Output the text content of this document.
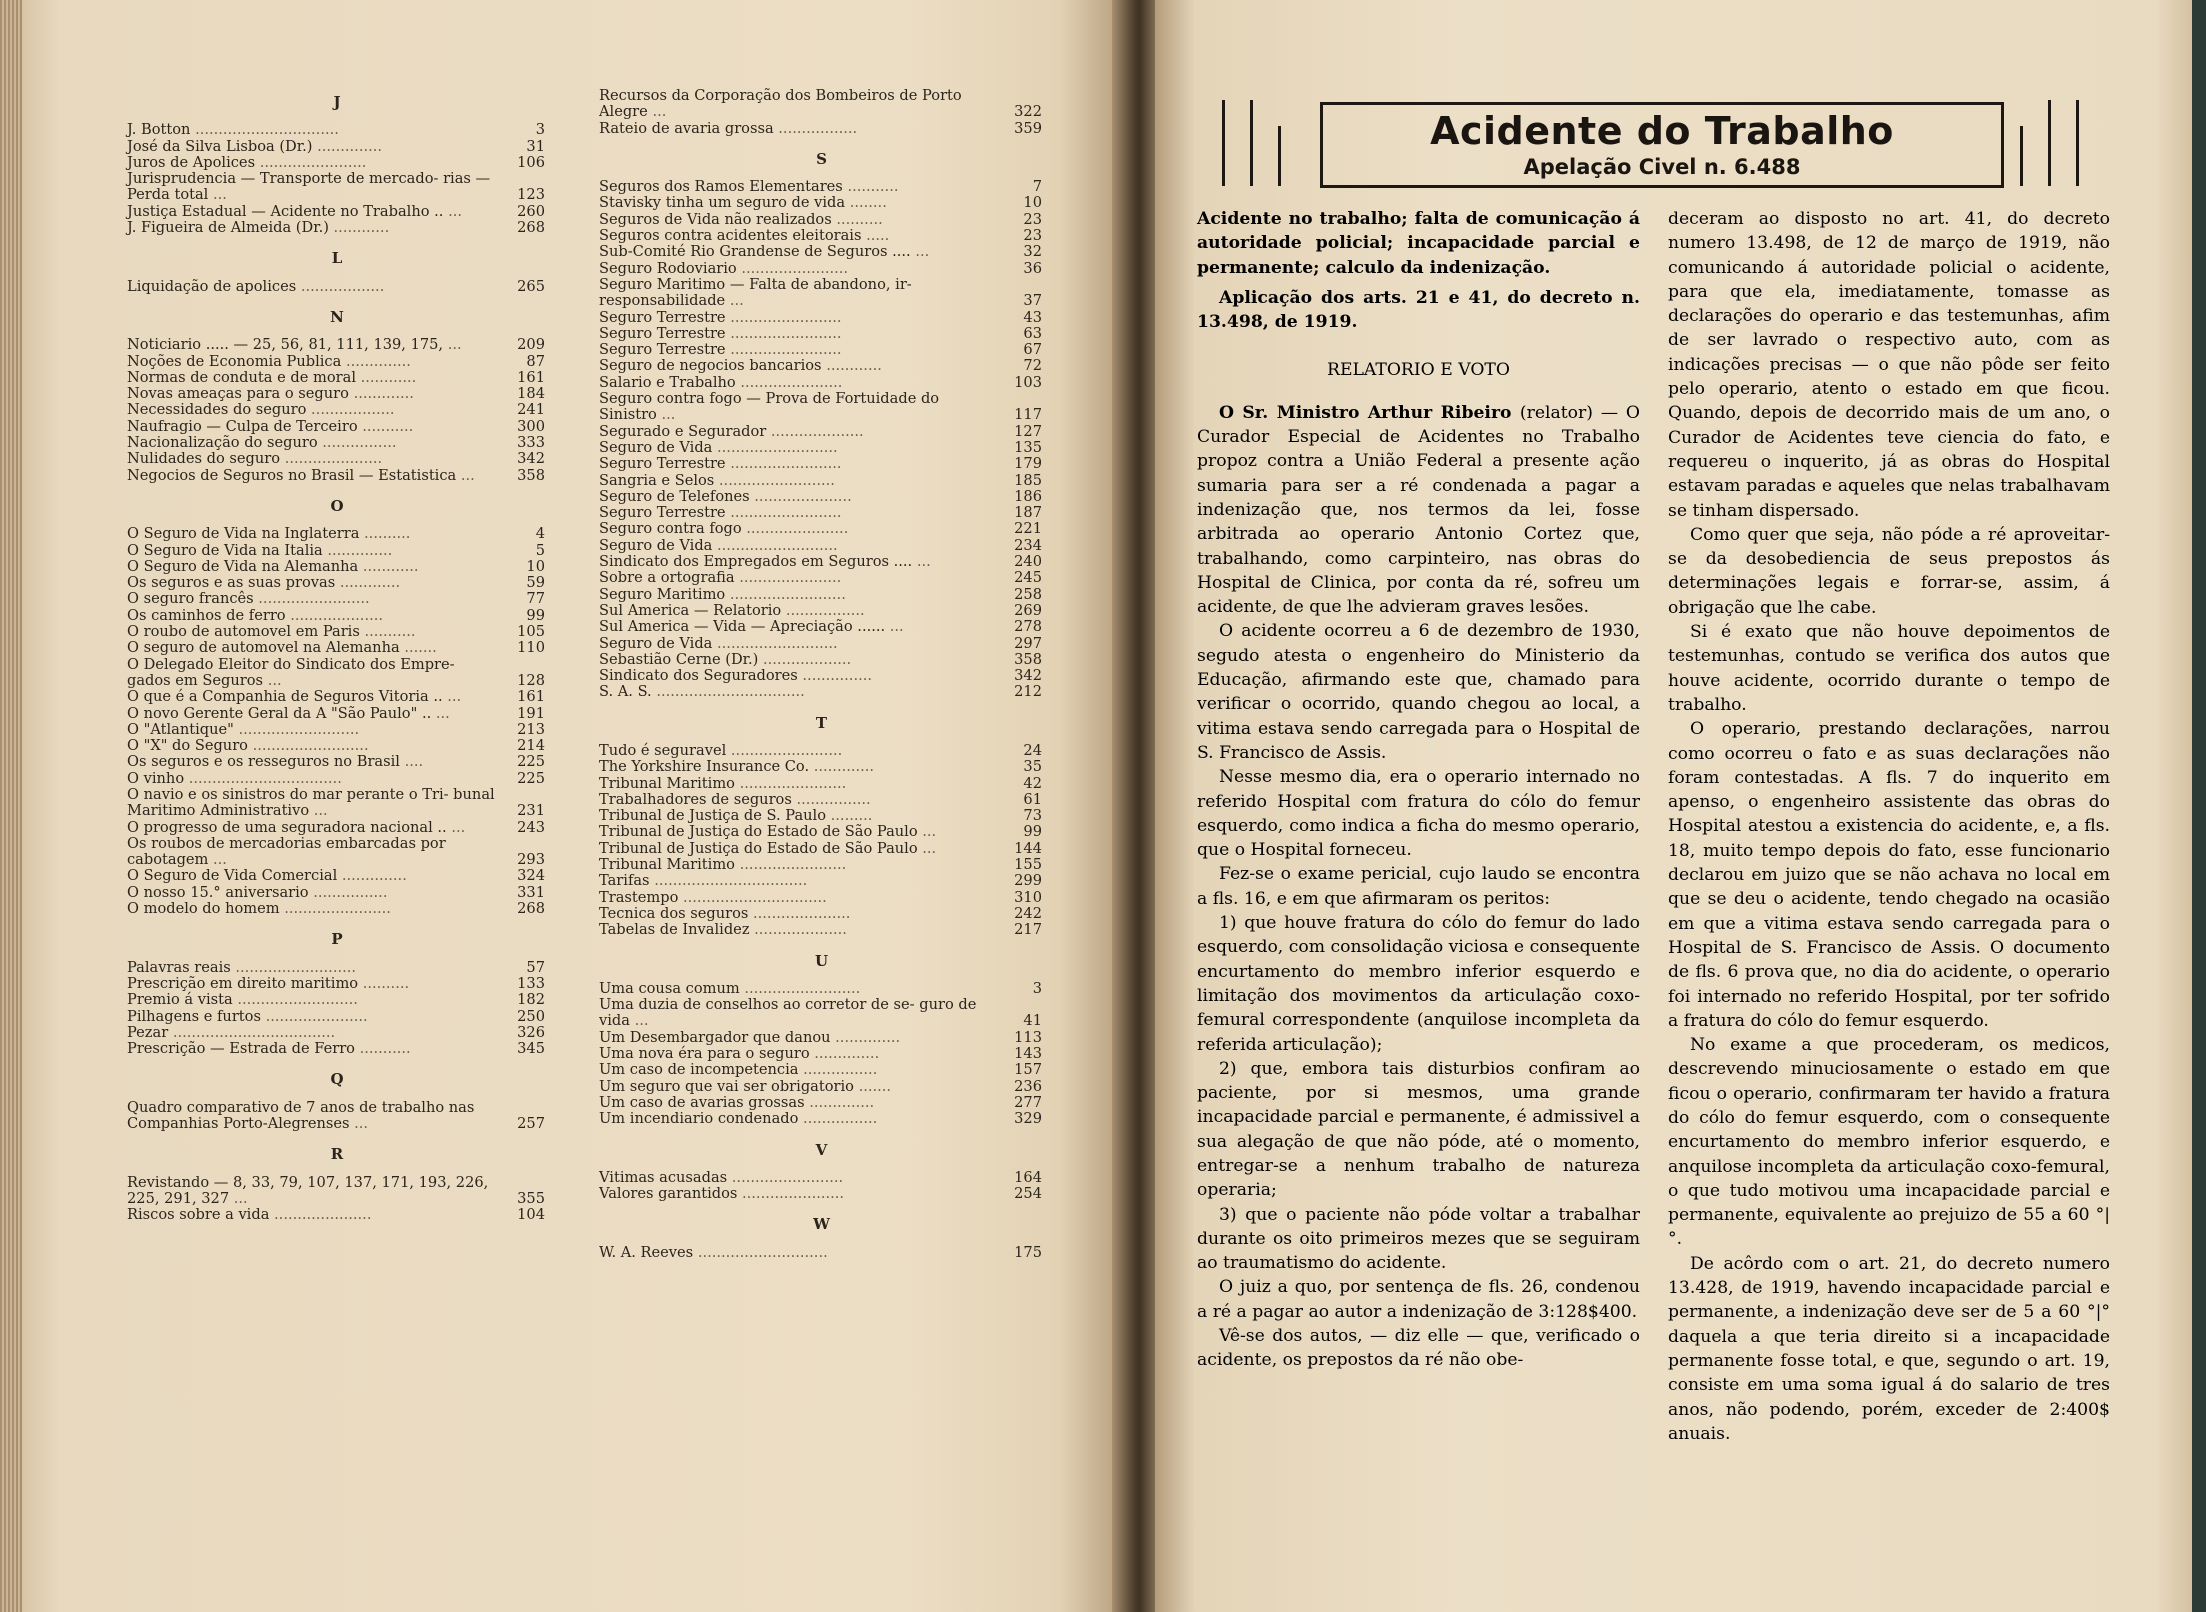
J
J. Botton ...............................	3
José da Silva Lisboa (Dr.) ..............	31
Juros de Apolices .......................	106
Jurisprudencia — Transporte de mercado- rias — Perda total ...	123
Justiça Estadual — Acidente no Trabalho .. ...	260
J. Figueira de Almeida (Dr.) ............	268
L
Liquidação de apolices ..................	265
N
Noticiario ..... — 25, 56, 81, 111, 139, 175, ...	209
Noções de Economia Publica ..............	87
Normas de conduta e de moral ............	161
Novas ameaças para o seguro .............	184
Necessidades do seguro ..................	241
Naufragio — Culpa de Terceiro ...........	300
Nacionalização do seguro ................	333
Nulidades do seguro .....................	342
Negocios de Seguros no Brasil — Estatistica ...	358
O
O Seguro de Vida na Inglaterra ..........	4
O Seguro de Vida na Italia ..............	5
O Seguro de Vida na Alemanha ............	10
Os seguros e as suas provas .............	59
O seguro francês ........................	77
Os caminhos de ferro ....................	99
O roubo de automovel em Paris ...........	105
O seguro de automovel na Alemanha .......	110
O Delegado Eleitor do Sindicato dos Empre- gados em Seguros ...	128
O que é a Companhia de Seguros Vitoria .. ...	161
O novo Gerente Geral da A "São Paulo" .. ...	191
O "Atlantique" ..........................	213
O "X" do Seguro .........................	214
Os seguros e os resseguros no Brasil ....	225
O vinho .................................	225
O navio e os sinistros do mar perante o Tri- bunal Maritimo Administrativo ...	231
O progresso de uma seguradora nacional .. ...	243
Os roubos de mercadorias embarcadas por cabotagem ...	293
O Seguro de Vida Comercial ..............	324
O nosso 15.° aniversario ................	331
O modelo do homem .......................	268
P
Palavras reais ..........................	57
Prescrição em direito maritimo ..........	133
Premio á vista ..........................	182
Pilhagens e furtos ......................	250
Pezar ...................................	326
Prescrição — Estrada de Ferro ...........	345
Q
Quadro comparativo de 7 anos de trabalho nas Companhias Porto-Alegrenses ...	257
R
Revistando — 8, 33, 79, 107, 137, 171, 193, 226, 225, 291, 327 ...	355
Riscos sobre a vida .....................	104
Recursos da Corporação dos Bombeiros de Porto Alegre ...	322
Rateio de avaria grossa .................	359
S
Seguros dos Ramos Elementares ...........	7
Stavisky tinha um seguro de vida ........	10
Seguros de Vida não realizados ..........	23
Seguros contra acidentes eleitorais .....	23
Sub-Comité Rio Grandense de Seguros .... ...	32
Seguro Rodoviario .......................	36
Seguro Maritimo — Falta de abandono, ir- responsabilidade ...	37
Seguro Terrestre ........................	43
Seguro Terrestre ........................	63
Seguro Terrestre ........................	67
Seguro de negocios bancarios ............	72
Salario e Trabalho ......................	103
Seguro contra fogo — Prova de Fortuidade do Sinistro ...	117
Segurado e Segurador ....................	127
Seguro de Vida ..........................	135
Seguro Terrestre ........................	179
Sangria e Selos .........................	185
Seguro de Telefones .....................	186
Seguro Terrestre ........................	187
Seguro contra fogo ......................	221
Seguro de Vida ..........................	234
Sindicato dos Empregados em Seguros .... ...	240
Sobre a ortografia ......................	245
Seguro Maritimo .........................	258
Sul America — Relatorio .................	269
Sul America — Vida — Apreciação ...... ...	278
Seguro de Vida ..........................	297
Sebastião Cerne (Dr.) ...................	358
Sindicato dos Seguradores ...............	342
S. A. S. ................................	212
T
Tudo é seguravel ........................	24
The Yorkshire Insurance Co. .............	35
Tribunal Maritimo .......................	42
Trabalhadores de seguros ................	61
Tribunal de Justiça de S. Paulo .........	73
Tribunal de Justiça do Estado de São Paulo ...	99
Tribunal de Justiça do Estado de São Paulo ...	144
Tribunal Maritimo .......................	155
Tarifas .................................	299
Trastempo ...............................	310
Tecnica dos seguros .....................	242
Tabelas de Invalidez ....................	217
U
Uma cousa comum .........................	3
Uma duzia de conselhos ao corretor de se- guro de vida ...	41
Um Desembargador que danou ..............	113
Uma nova éra para o seguro ..............	143
Um caso de incompetencia ................	157
Um seguro que vai ser obrigatorio .......	236
Um caso de avarias grossas ..............	277
Um incendiario condenado ................	329
V
Vitimas acusadas ........................	164
Valores garantidos ......................	254
W
W. A. Reeves ............................	175
Acidente do Trabalho
Apelação Civel n. 6.488

Acidente no trabalho; falta de comunicação á autoridade policial; incapacidade parcial e permanente; calculo da indenização.

Aplicação dos arts. 21 e 41, do decreto n. 13.498, de 1919.

RELATORIO E VOTO

O Sr. Ministro Arthur Ribeiro (relator) — O Curador Especial de Acidentes no Trabalho propoz contra a União Federal a presente ação sumaria para ser a ré condenada a pagar a indenização que, nos termos da lei, fosse arbitrada ao operario Antonio Cortez que, trabalhando, como carpinteiro, nas obras do Hospital de Clinica, por conta da ré, sofreu um acidente, de que lhe advieram graves lesões.

O acidente ocorreu a 6 de dezembro de 1930, segudo atesta o engenheiro do Ministerio da Educação, afirmando este que, chamado para verificar o ocorrido, quando chegou ao local, a vitima estava sendo carregada para o Hospital de S. Francisco de Assis.

Nesse mesmo dia, era o operario internado no referido Hospital com fratura do cólo do femur esquerdo, como indica a ficha do mesmo operario, que o Hospital forneceu.

Fez-se o exame pericial, cujo laudo se encontra a fls. 16, e em que afirmaram os peritos:

1) que houve fratura do cólo do femur do lado esquerdo, com consolidação viciosa e consequente encurtamento do membro inferior esquerdo e limitação dos movimentos da articulação coxo-femural correspondente (anquilose incompleta da referida articulação);

2) que, embora tais disturbios confiram ao paciente, por si mesmos, uma grande incapacidade parcial e permanente, é admissivel a sua alegação de que não póde, até o momento, entregar-se a nenhum trabalho de natureza operaria;

3) que o paciente não póde voltar a trabalhar durante os oito primeiros mezes que se seguiram ao traumatismo do acidente.

O juiz a quo, por sentença de fls. 26, condenou a ré a pagar ao autor a indenização de 3:128$400.

Vê-se dos autos, — diz elle — que, verificado o acidente, os prepostos da ré não obe-

deceram ao disposto no art. 41, do decreto numero 13.498, de 12 de março de 1919, não comunicando á autoridade policial o acidente, para que ela, imediatamente, tomasse as declarações do operario e das testemunhas, afim de ser lavrado o respectivo auto, com as indicações precisas — o que não pôde ser feito pelo operario, atento o estado em que ficou. Quando, depois de decorrido mais de um ano, o Curador de Acidentes teve ciencia do fato, e requereu o inquerito, já as obras do Hospital estavam paradas e aqueles que nelas trabalhavam se tinham dispersado.

Como quer que seja, não póde a ré aproveitar-se da desobediencia de seus prepostos ás determinações legais e forrar-se, assim, á obrigação que lhe cabe.

Si é exato que não houve depoimentos de testemunhas, contudo se verifica dos autos que houve acidente, ocorrido durante o tempo de trabalho.

O operario, prestando declarações, narrou como ocorreu o fato e as suas declarações não foram contestadas. A fls. 7 do inquerito em apenso, o engenheiro assistente das obras do Hospital atestou a existencia do acidente, e, a fls. 18, muito tempo depois do fato, esse funcionario declarou em juizo que se não achava no local em que se deu o acidente, tendo chegado na ocasião em que a vitima estava sendo carregada para o Hospital de S. Francisco de Assis. O documento de fls. 6 prova que, no dia do acidente, o operario foi internado no referido Hospital, por ter sofrido a fratura do cólo do femur esquerdo.

No exame a que procederam, os medicos, descrevendo minuciosamente o estado em que ficou o operario, confirmaram ter havido a fratura do cólo do femur esquerdo, com o consequente encurtamento do membro inferior esquerdo, e anquilose incompleta da articulação coxo-femural, o que tudo motivou uma incapacidade parcial e permanente, equivalente ao prejuizo de 55 a 60 °|°.

De acôrdo com o art. 21, do decreto numero 13.428, de 1919, havendo incapacidade parcial e permanente, a indenização deve ser de 5 a 60 °|° daquela a que teria direito si a incapacidade permanente fosse total, e que, segundo o art. 19, consiste em uma soma igual á do salario de tres anos, não podendo, porém, exceder de 2:400$ anuais.
